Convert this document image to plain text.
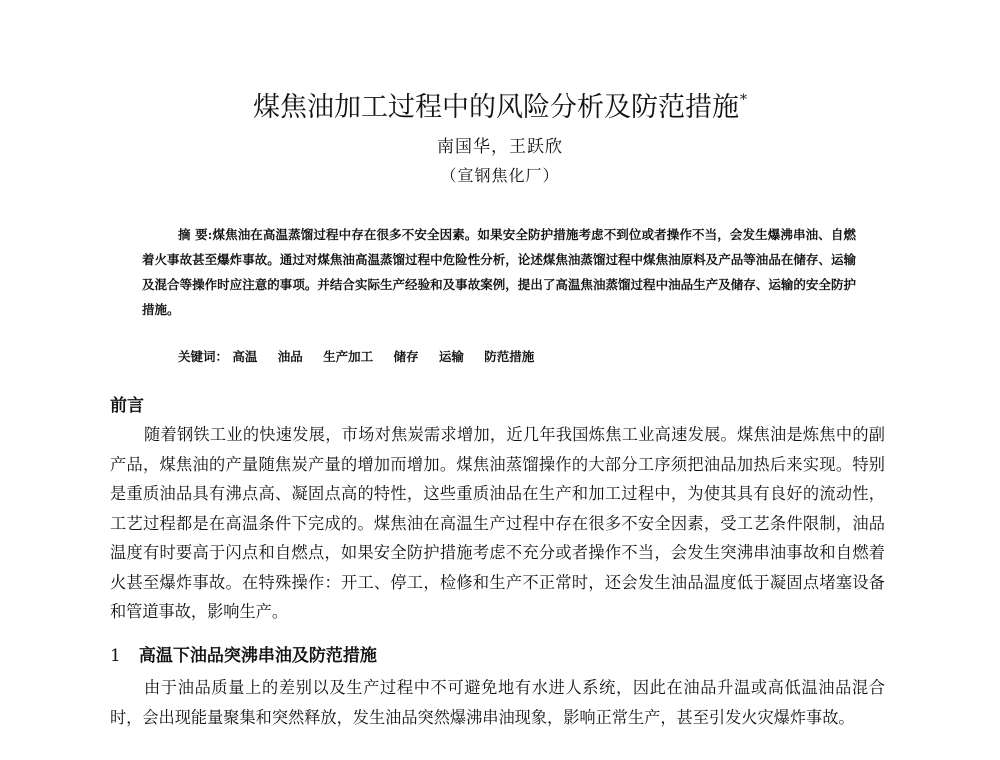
煤焦油加工过程中的风险分析及防范措施*
南国华，王跃欣
（宣钢焦化厂）
摘 要:煤焦油在高温蒸馏过程中存在很多不安全因素。如果安全防护措施考虑不到位或者操作不当，会发生爆沸串油、自燃着火事故甚至爆炸事故。通过对煤焦油高温蒸馏过程中危险性分析，论述煤焦油蒸馏过程中煤焦油原料及产品等油品在储存、运输及混合等操作时应注意的事项。并结合实际生产经验和及事故案例，提出了高温焦油蒸馏过程中油品生产及储存、运输的安全防护措施。
关键词： 高温 油品 生产加工 储存 运输 防范措施
前言

随着钢铁工业的快速发展，市场对焦炭需求增加，近几年我国炼焦工业高速发展。煤焦油是炼焦中的副产品，煤焦油的产量随焦炭产量的增加而增加。煤焦油蒸馏操作的大部分工序须把油品加热后来实现。特别是重质油品具有沸点高、凝固点高的特性，这些重质油品在生产和加工过程中，为使其具有良好的流动性，工艺过程都是在高温条件下完成的。煤焦油在高温生产过程中存在很多不安全因素，受工艺条件限制，油品温度有时要高于闪点和自燃点，如果安全防护措施考虑不充分或者操作不当，会发生突沸串油事故和自燃着火甚至爆炸事故。在特殊操作：开工、停工，检修和生产不正常时，还会发生油品温度低于凝固点堵塞设备和管道事故，影响生产。

1 高温下油品突沸串油及防范措施

由于油品质量上的差别以及生产过程中不可避免地有水进人系统，因此在油品升温或高低温油品混合时，会出现能量聚集和突然释放，发生油品突然爆沸串油现象，影响正常生产，甚至引发火灾爆炸事故。
